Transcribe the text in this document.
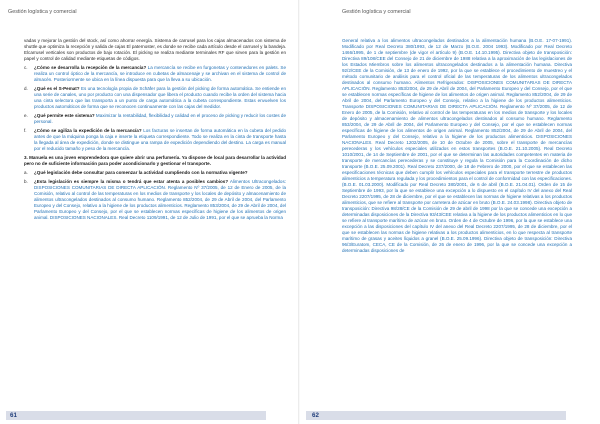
Gestión logística y comercial

vadas y mejorar la gestión del stock, así como ahorrar energía. Sistema de carrusel para los cajas almacenados con sistema de shuttle que optimiza la recepción y salida de cajas El paternoster, es donde se recibe cada artículo desde el carrusel y la bandeja. Elcarrusel verticales son productos de bajo rotación. El picking se realiza mediante terminales RF que sirven para la gestión en papel y control de calidad mediante etiquetas de códigos.

c. ¿Cómo se desarrolla la recepción de la mercancía? La mercancía se recibe en furgonetas y contenedores en palets. Se realiza un control óptico de la mercancía, se introduce en cubetas de almacenaje y se archivan en el sistema de control de almacén. Posteriormente se ubica en la línea dispuesta para que la lleva a su ubicación.

d. ¿Qué es el S-Pemat? Es una tecnología propia de Schäfer para la gestión del picking de forma automática. Se entiende en una serie de canales, uno por producto con una dispensador que libera el producto cuando recibe la orden del sistema hacia una cinta selectora que las transporta a un punto de carga automática a la cubeta correspondiente. Estas envuelven los productos automáticos de forma que se reconocen continuamente con las cajas del medidor.

e. ¿Qué permite este sistema? Maximizar la rentabilidad, flexibilidad y calidad en el proceso de picking y reducir los costes de personal.

f. ¿Cómo se agiliza la expedición de la mercancía? Los facturas se insertan de forma automática en la cubeta del pedido antes de que la máquina ponga la caja e inserte la etiqueta correspondiente. Todo se realiza en la cinta de transporte hasta la llegada al área de expedición, donde se distingue una rampa de expedición dependiendo del destino. La carga es manual por el reducido tamaño y peso de la mercancía.

3. Manuela es una joven emprendedora que quiere abrir una perfumería. Ya dispone de local para desarrollar la actividad pero no de suficiente información para poder acondicionarlo y gestionar el transporte.

a. ¿Qué legislación debe consultar para comenzar la actividad cumpliendo con la normativa vigente?

b. ¿Esta legislación es siempre la misma o tendrá que estar atenta a posibles cambios? Alimentos Ultracongelados: DISPOSICIONES COMUNITARIAS DE DIRECTA APLICACIÓN. Reglamento Nº 37/2005, de 12 de Enero de 2005, de la Comisión, relativo al control de las temperaturas en los medios de transporte y los locales de depósito y almacenamiento de alimentos ultracongelados destinados al consumo humano. Reglamento 852/2004, de 29 de Abril de 2004, del Parlamento Europeo y del Consejo, relativo a la higiene de los productos alimenticios. Reglamento 853/2004, de 29 de Abril de 2004, del Parlamento Europeo y del Consejo, por el que se establecen normas específicas de higiene de los alimentos de origen animal. DISPOSICIONES NACIONALES. Real Decreto 1109/1991, de 12 de Julio de 1991, por el que se aprueba la Norma

61
Gestión logística y comercial

General relativa a los alimentos ultracongelados destinados a la alimentación humana (B.O.E. 17-07-1991). Modificado por Real Decreto 380/1993, de 12 de Marzo (B.O.E. 2004 1993). Modificado por Real Decreto 1466/1995, de 1 de septiembre (de vigor el artículo 9) (B.O.E. 14.10.1995). Directiva objeto de transposición: Directiva 89/108/CEE del Consejo de 21 de diciembre de 1988 relativa a la aproximación de las legislaciones de los Estados Miembros sobre los alimentos ultracongelados destinados a la alimentación humana. Directiva 92/2/CEE de la Comisión, de 13 de enero de 1992, por la que se establece el procedimiento de muestreo y el método comunitario de análisis para el control oficial de las temperaturas de los alimentos ultracongelados destinados al consumo humano. Alimentos Refrigerados: DISPOSICIONES COMUNITARIAS DE DIRECTA APLICACIÓN. Reglamento 853/2004, de 29 de Abril de 2004, del Parlamento Europeo y del Consejo, por el que se establecen normas específicas de higiene de los alimentos de origen animal. Reglamento 852/2004, de 29 de Abril de 2004, del Parlamento Europeo y del Consejo, relativo a la higiene de los productos alimenticios. Transporte DISPOSICIONES COMUNITARIAS DE DIRECTA APLICACIÓN. Reglamento Nº 37/2005, de 12 de Enero de 2005, de la Comisión, relativo al control de las temperaturas en los medios de transporte y los locales de depósito y almacenamiento de alimentos ultracongelados destinados al consumo humano. Reglamento 853/2004, de 29 de Abril de 2004, del Parlamento Europeo y del Consejo, por el que se establecen normas específicas de higiene de los alimentos de origen animal. Reglamento 852/2004, de 29 de Abril de 2004, del Parlamento Europeo y del Consejo, relativo a la higiene de los productos alimenticios. DISPOSICIONES NACIONALES. Real Decreto 1202/2005, de 10 de Octubre de 2005, sobre el transporte de mercancías perecederas y los vehículos especiales utilizados en estos transportes (B.O.E. 21.10.2005). Real Decreto 1010/2001, de 14 de Septiembre de 2001, por el que se determinan las autoridades competentes en materia de transporte de mercancías perecederas y se constituye y regula la Comisión para la Coordinación de dicho transporte (B.O.E. 25.09.2001). Real Decreto 237/2000, de 18 de Febrero de 2000, por el que se establecen las especificaciones técnicas que deben cumplir los vehículos especiales para el transporte terrestre de productos alimenticios a temperatura regulada y los procedimientos para el control de conformidad con las especificaciones. (B.O.E. 01.03.2000). Modificado por Real Decreto 380/2001, de 6 de abril (B.O.E. 21.04.01). Orden de 15 de Septiembre de 1993, por la que se establece una excepción a lo dispuesto en el capítulo IV del anexo del Real Decreto 2207/1995, de 28 de diciembre, por el que se establecen las normas de higiene relativas a los productos alimenticios, que se refiere al transporte por carretera de azúcar en bruto (B.O.E. 24.03.1998). Directiva objeto de transposición: Directiva 98/28/CE de la Comisión de 29 de abril de 1998 por la que se concede una excepción a determinadas disposiciones de la Directiva 93/43/CEE relativa a la higiene de los productos alimenticios en lo que se refiere al transporte marítimo de azúcar en bruto. Orden de 4 de Octubre de 1996, por la que se establece una excepción a las disposiciones del capítulo IV del anexo del Real Decreto 2207/1995, de 28 de diciembre, por el que se establecen las normas de higiene relativas a los productos alimenticios, en lo que respecta al transporte marítimo de grasas y aceites líquidos a granel (B.O.E. 25.09.1996). Directiva objeto de transposición: Directiva 96/3/Euratom, CECA, CE de la Comisión, de 26 de enero de 1996, por la que se concede una excepción a determinadas disposiciones de

62
